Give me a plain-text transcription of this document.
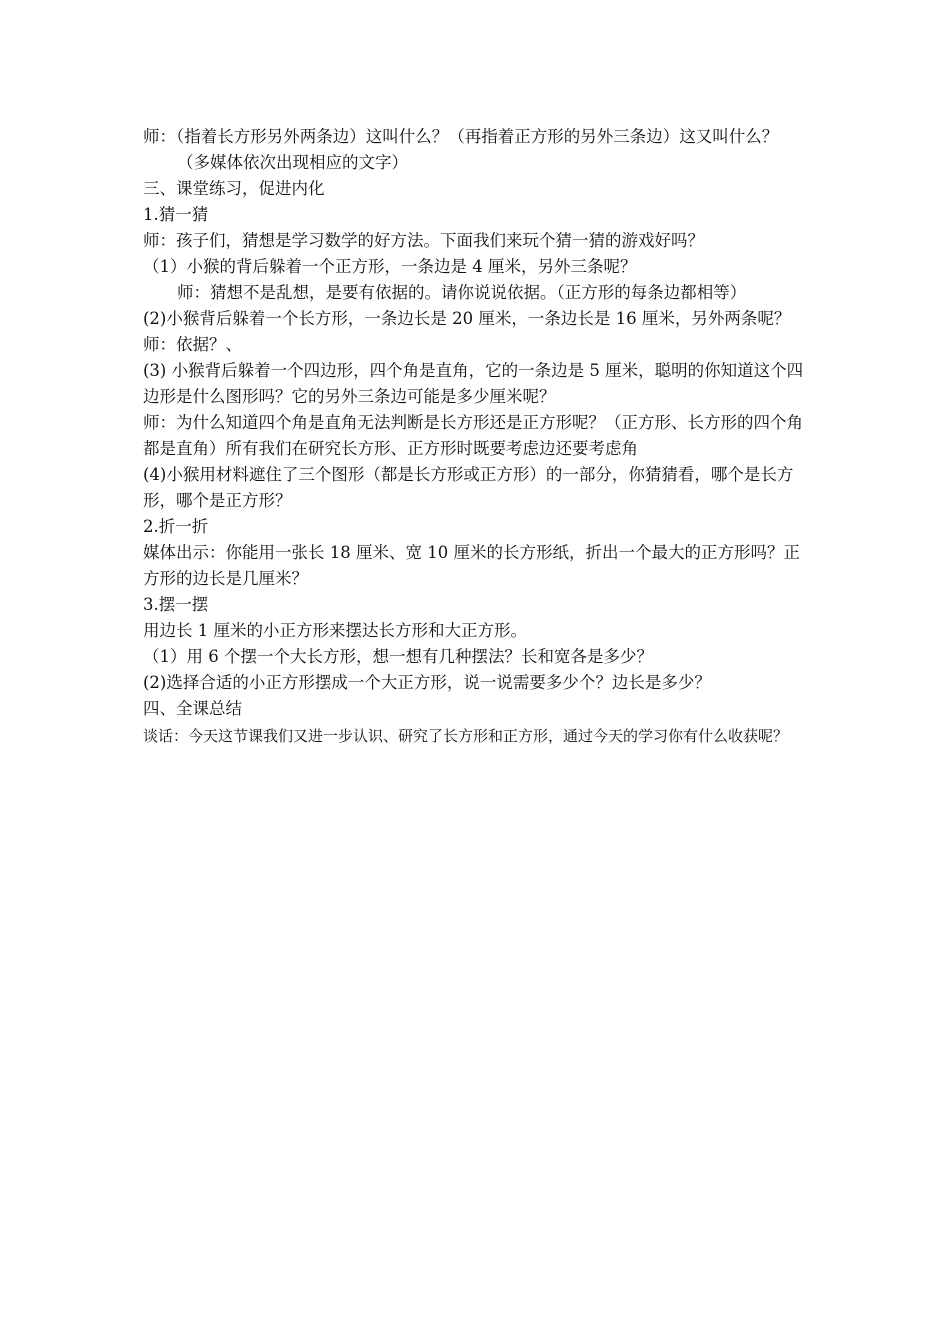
师：（指着长方形另外两条边）这叫什么？（再指着正方形的另外三条边）这又叫什么？

（多媒体依次出现相应的文字）

三、课堂练习，促进内化

1.猜一猜

师：孩子们，猜想是学习数学的好方法。下面我们来玩个猜一猜的游戏好吗？

（1）小猴的背后躲着一个正方形，一条边是 4 厘米，另外三条呢？

师：猜想不是乱想，是要有依据的。请你说说依据。（正方形的每条边都相等）

(2)小猴背后躲着一个长方形，一条边长是 20 厘米，一条边长是 16 厘米，另外两条呢？

师：依据？、

(3) 小猴背后躲着一个四边形，四个角是直角，它的一条边是 5 厘米，聪明的你知道这个四边形是什么图形吗？它的另外三条边可能是多少厘米呢？

师：为什么知道四个角是直角无法判断是长方形还是正方形呢？（正方形、长方形的四个角都是直角）所有我们在研究长方形、正方形时既要考虑边还要考虑角

(4)小猴用材料遮住了三个图形（都是长方形或正方形）的一部分，你猜猜看，哪个是长方形，哪个是正方形？

2.折一折

媒体出示：你能用一张长 18 厘米、宽 10 厘米的长方形纸，折出一个最大的正方形吗？正方形的边长是几厘米？

3.摆一摆

用边长 1 厘米的小正方形来摆达长方形和大正方形。

（1）用 6 个摆一个大长方形，想一想有几种摆法？长和宽各是多少？

(2)选择合适的小正方形摆成一个大正方形，说一说需要多少个？边长是多少？

四、全课总结

谈话：今天这节课我们又进一步认识、研究了长方形和正方形，通过今天的学习你有什么收获呢？
